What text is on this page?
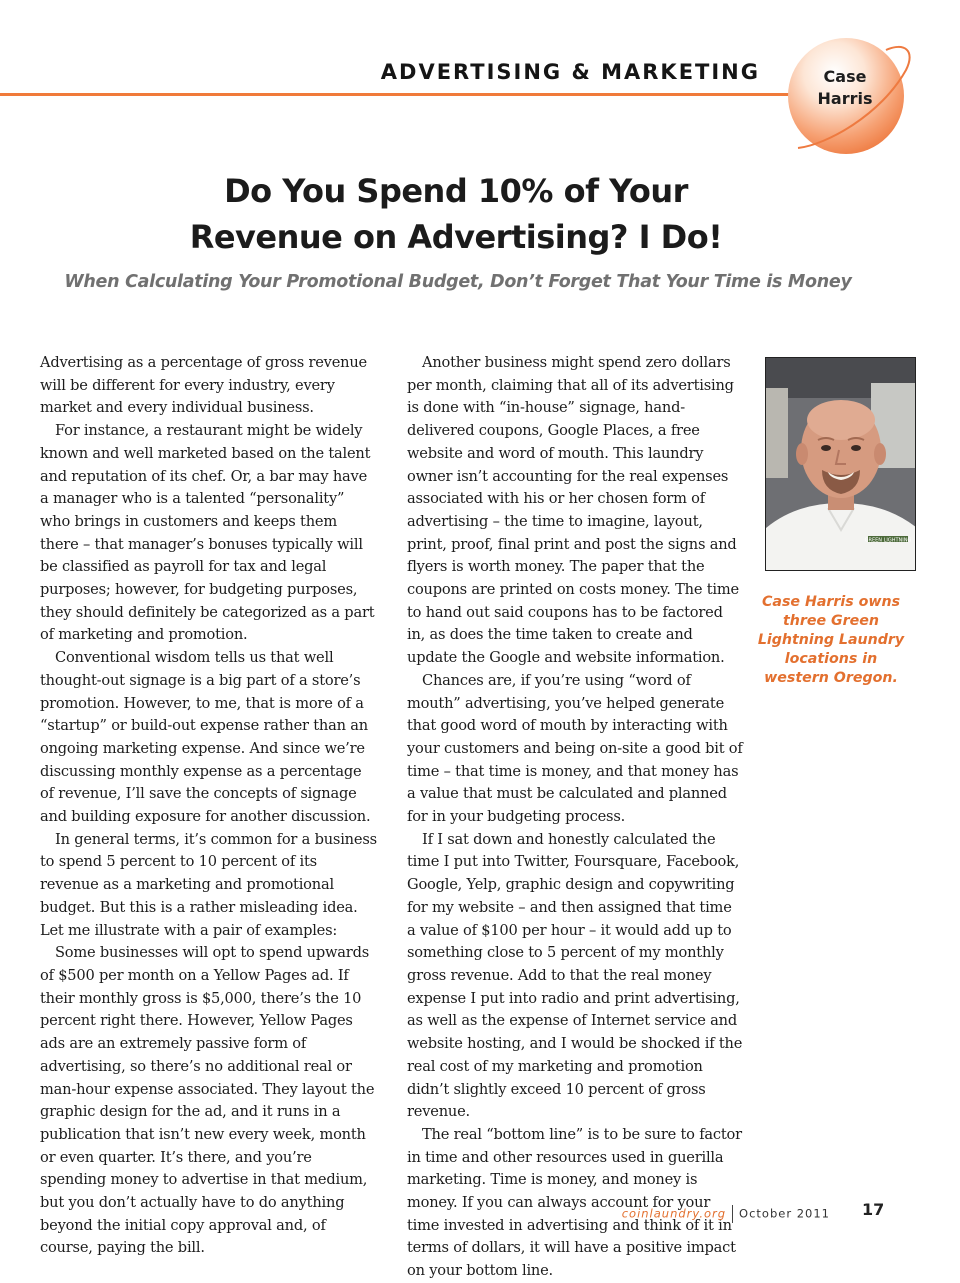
ADVERTISING & MARKETING	Case
Harris
Do You Spend 10% of Your
Revenue on Advertising? I Do!

When Calculating Your Promotional Budget, Don’t Forget That Your Time is Money

Advertising as a percentage of gross revenue will be different for every industry, every market and every individual business.

For instance, a restaurant might be widely known and well marketed based on the talent and reputation of its chef. Or, a bar may have a manager who is a talented “personality” who brings in customers and keeps them there – that manager’s bonuses typically will be classified as payroll for tax and legal purposes; however, for budgeting purposes, they should definitely be categorized as a part of marketing and promotion.

Conventional wisdom tells us that well thought-out signage is a big part of a store’s promotion. However, to me, that is more of a “startup” or build-out expense rather than an ongoing marketing expense. And since we’re discussing monthly expense as a percentage of revenue, I’ll save the concepts of signage and building exposure for another discussion.

In general terms, it’s common for a business to spend 5 percent to 10 percent of its revenue as a marketing and promotional budget. But this is a rather misleading idea. Let me illustrate with a pair of examples:

Some businesses will opt to spend upwards of $500 per month on a Yellow Pages ad. If their monthly gross is $5,000, there’s the 10 percent right there. However, Yellow Pages ads are an extremely passive form of advertising, so there’s no additional real or man-hour expense associated. They layout the graphic design for the ad, and it runs in a publication that isn’t new every week, month or even quarter. It’s there, and you’re spending money to advertise in that medium, but you don’t actually have to do anything beyond the initial copy approval and, of course, paying the bill.

Another business might spend zero dollars per month, claiming that all of its advertising is done with “in-house” signage, hand-delivered coupons, Google Places, a free website and word of mouth. This laundry owner isn’t accounting for the real expenses associated with his or her chosen form of advertising – the time to imagine, layout, print, proof, final print and post the signs and flyers is worth money. The paper that the coupons are printed on costs money. The time to hand out said coupons has to be factored in, as does the time taken to create and update the Google and website information.

Chances are, if you’re using “word of mouth” advertising, you’ve helped generate that good word of mouth by interacting with your customers and being on-site a good bit of time – that time is money, and that money has a value that must be calculated and planned for in your budgeting process.

If I sat down and honestly calculated the time I put into Twitter, Foursquare, Facebook, Google, Yelp, graphic design and copywriting for my website – and then assigned that time a value of $100 per hour – it would add up to something close to 5 percent of my monthly gross revenue. Add to that the real money expense I put into radio and print advertising, as well as the expense of Internet service and website hosting, and I would be shocked if the real cost of my marketing and promotion didn’t slightly exceed 10 percent of gross revenue.

The real “bottom line” is to be sure to factor in time and other resources used in guerilla marketing. Time is money, and money is money. If you can always account for your time invested in advertising and think of it in terms of dollars, it will have a positive impact on your bottom line.

GREEN LIGHTNING
Case Harris owns three Green Lightning Laundry locations in western Oregon.
coinlaundry.org October 2011 17
